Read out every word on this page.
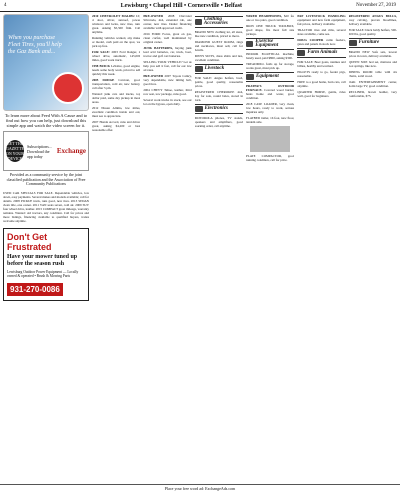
4	Lewisburg • Chapel Hill • Cornersville • Belfast	November 27, 2019
When you purchase Fleet Tires, you'll help the Gaz Bank and...
To learn more about Feed With A Cause and to find out how you can help, just download this simple app and watch the video screen for it.
GET THE GAZETTE ON YOUR DEVICE
Subscriptions... Download the app today
Exchange
Provided as a community service by the joint classified publication and the Association of Free Community Publications
USED CAR SPECIALS FOR SALE. Dependable vehicles, low down, easy payments. Several makes and models available; call for details. 2008 PICKUP truck, runs good, new tires. 2013 SEDAN clean title, one owner. 2011 VAN seats seven, cold air. 2009 SUV four wheel drive, leather. 2015 COMPACT great mileage, warranty remains. Wanted: old tractors, any condition. Call for prices and more listings, financing available to qualified buyers, trades welcome anytime.
Don't Get Frustrated
Have your mower tuned up before the season rush
Lewisburg Outdoor Power Equipment — Locally owned & operated • Brush & Mowing Parts
931-270-0086

2010 CHEVROLET MALIBU LT, 4 door, silver, sunroof, power windows and locks, new tires, runs great. Asking $5,500 firm. Call anytime.

Running vehicles wanted, any make or model, cash paid on the spot, we pick up free.

FOR SALE: 2003 Ford Ranger, 2 wheel drive, automatic, 145,000 miles, good work truck.

1998 BUICK LeSabre, good engine, needs some body work, priced to sell quickly this week.

2005 DODGE Caravan, good transportation, cold air, new battery, call after 5 pm.

Wanted: junk cars and trucks, top dollar paid, same day pickup in most areas.

2012 Nissan Altima, low miles, excellent condition inside and out, must see to appreciate.

2007 Honda Accord, runs and drives great, asking $4,200 or best reasonable offer.

PRE-OWNED 2008 Chevrolet Silverado, 4x4, extended cab, one owner, new tires. Dealer financing available with approved credit.

2016 FORD Focus, great on gas, clean carfax, well maintained by original owner.

JUNK BATTERIES, buying junk lead acid batteries, car, truck, boat, tractor and golf cart batteries.

SELLING YOUR VEHICLE? Let us help you sell it fast, call for our low ad rates.

PRE-OWNED 2007 Toyota Camry, very dependable, new timing belt, good tires.

2004 CHEVY Tahoe, leather, third row seat, tow package, runs good.

Several work trucks in stock, see our lot on the bypass, open daily.

Clothing Accessories

BRAND NEW clothing lot, all sizes, like new condition, priced to move.

DIAMOND GUEST ROOM, rings and necklaces, must sell, call for details.

MEN'S SUITS, dress shirts and ties, excellent condition.

Livestock

FOR SALE: Angus heifers, bred, gentle, good quality, reasonable prices.

REGISTERED CHEROKEE 4x4, hay for sale, round bales, stored in barn.

Electronics

MOTOROLA phones, TV stands, speakers and amplifiers, good working order, call anytime.

WIRED HEADPHONES, $20 for one or two pairs, good condition.

IRON ONE TRUCK TOOLBOX, good shape, fits most full size pickups.

Exercise Equipment

INDOOR ELLIPTICAL machine, barely used, paid $800, asking $300.

TREADMILL folds up for storage, works great, must pick up.

Equipment

PRATER'S OUTDOOR FURNACE. Covered wood burner, heats home and water, good condition.

2018 CASE LOADER, very clean, low hours, ready to work, serious inquiries only.

FLATBED trailer, 16 foot, new floor, tandem axle.

PLATE COMPACTOR, good running condition, call for price.

PAP LIVESTOCK HANDLING equipment and new farm equipment, fair prices, delivery available.

TRACTOR tires and rims, several sizes available, come see.

DOUG COOPER cattle feeders, gates and panels in stock now.

Farm Animals

FOR SALE: Boer goats, nannies and billies, healthy and wormed.

PIGLETS ready to go, feeder pigs, reasonable.

FREE to a good home, barn cats, call anytime.

QUARTER HORSE, gentle, rides well, good for beginners.

REGISTERED ANGUS BULLS, easy calving, proven bloodlines, delivery available.

FOR SALE: black baldy heifers, 500-600 lbs, good quality.

Furniture

BRAND NEW Sofa sets, lowest prices in town, delivery available.

QUEEN SIZE bed set, mattress and box springs, like new.

DINING ROOM table with six chairs, solid wood.

OAK ENTERTAINMENT center, holds large TV, good condition.

RECLINER, brown leather, very comfortable, $75.

Place your free word ad: ExchangeAds.com
